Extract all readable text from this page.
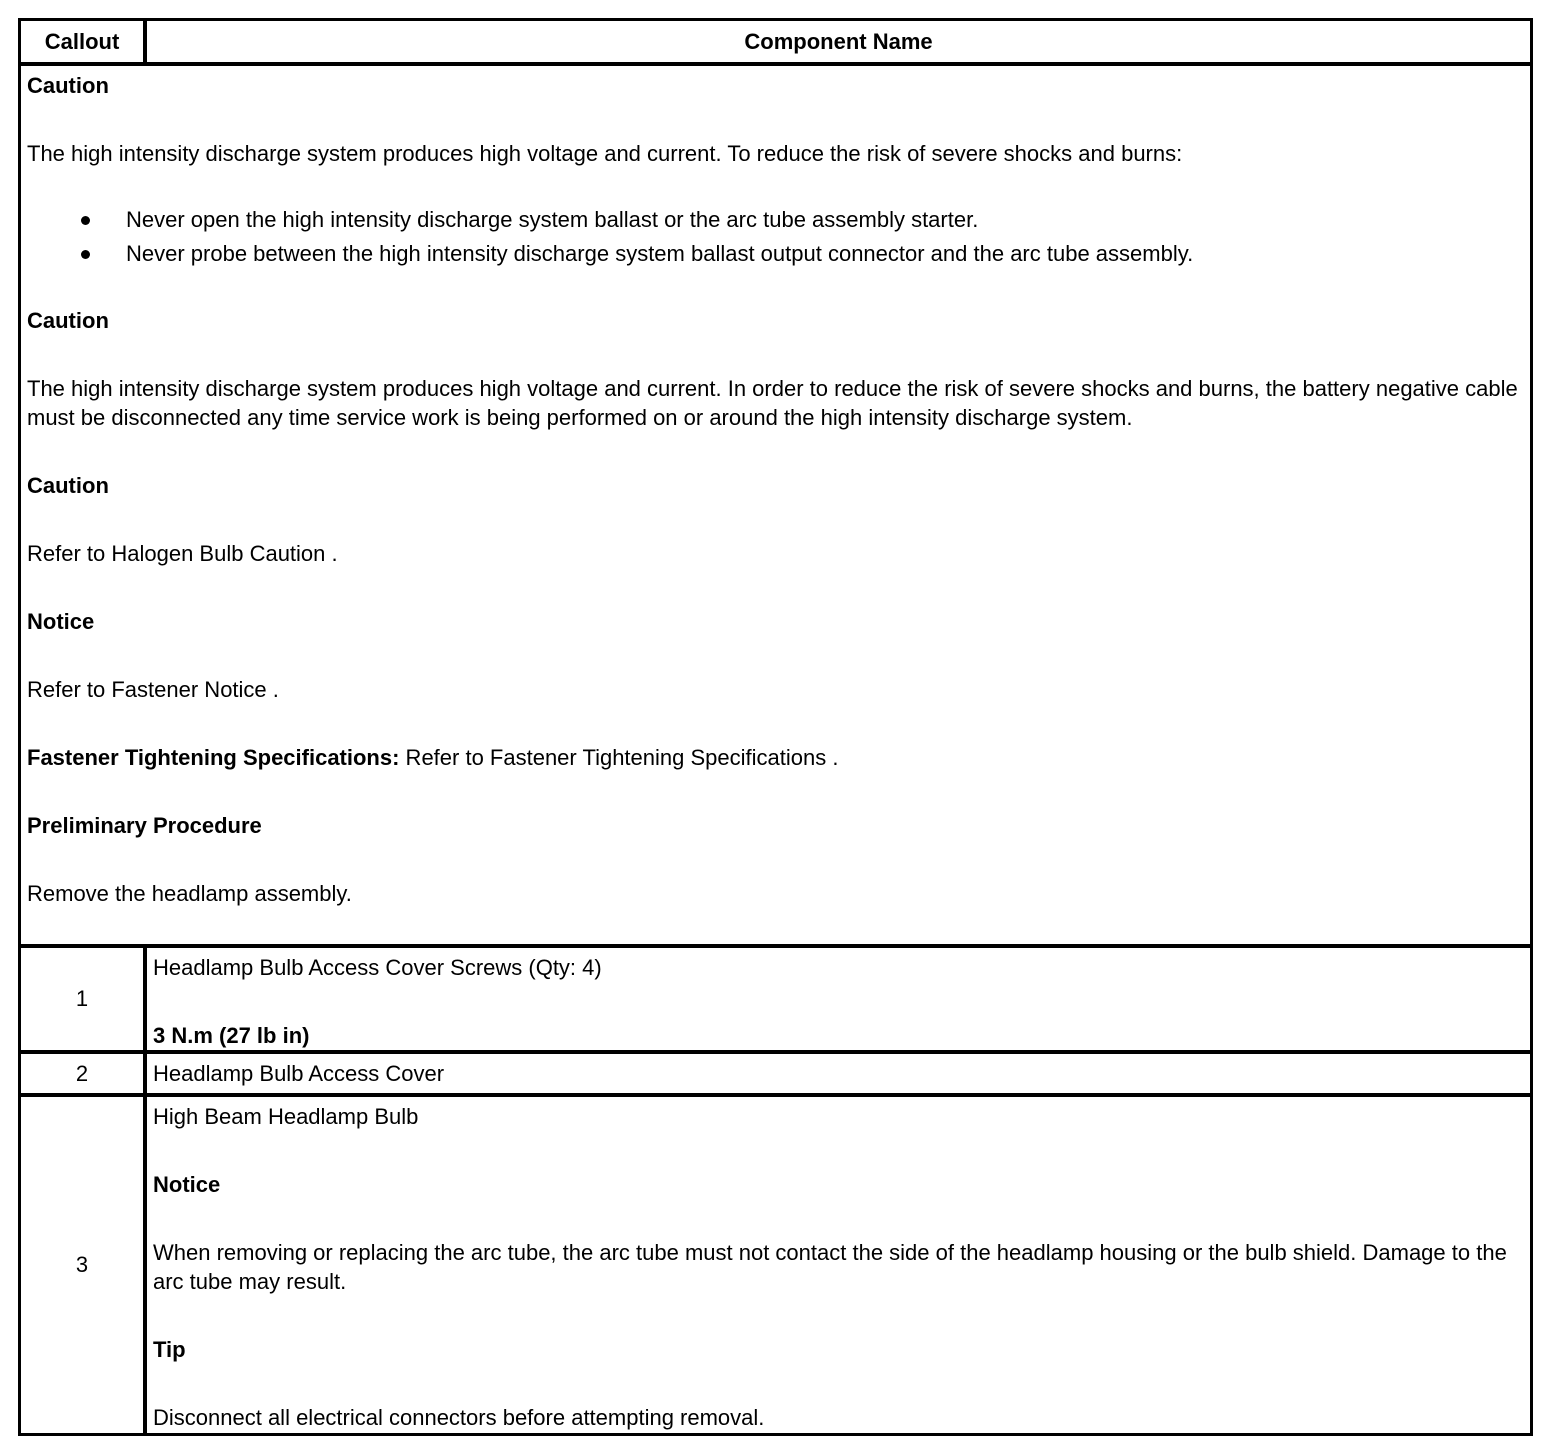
Callout	Component Name

Caution

The high intensity discharge system produces high voltage and current. To reduce the risk of severe shocks and burns:

Never open the high intensity discharge system ballast or the arc tube assembly starter.
Never probe between the high intensity discharge system ballast output connector and the arc tube assembly.

Caution

The high intensity discharge system produces high voltage and current. In order to reduce the risk of severe shocks and burns, the battery negative cable must be disconnected any time service work is being performed on or around the high intensity discharge system.

Caution

Refer to Halogen Bulb Caution .

Notice

Refer to Fastener Notice .

Fastener Tightening Specifications: Refer to Fastener Tightening Specifications .

Preliminary Procedure

Remove the headlamp assembly.

1

Headlamp Bulb Access Cover Screws (Qty: 4)

3 N.m (27 lb in)

2	Headlamp Bulb Access Cover

3

High Beam Headlamp Bulb

Notice

When removing or replacing the arc tube, the arc tube must not contact the side of the headlamp housing or the bulb shield. Damage to the arc tube may result.

Tip

Disconnect all electrical connectors before attempting removal.
